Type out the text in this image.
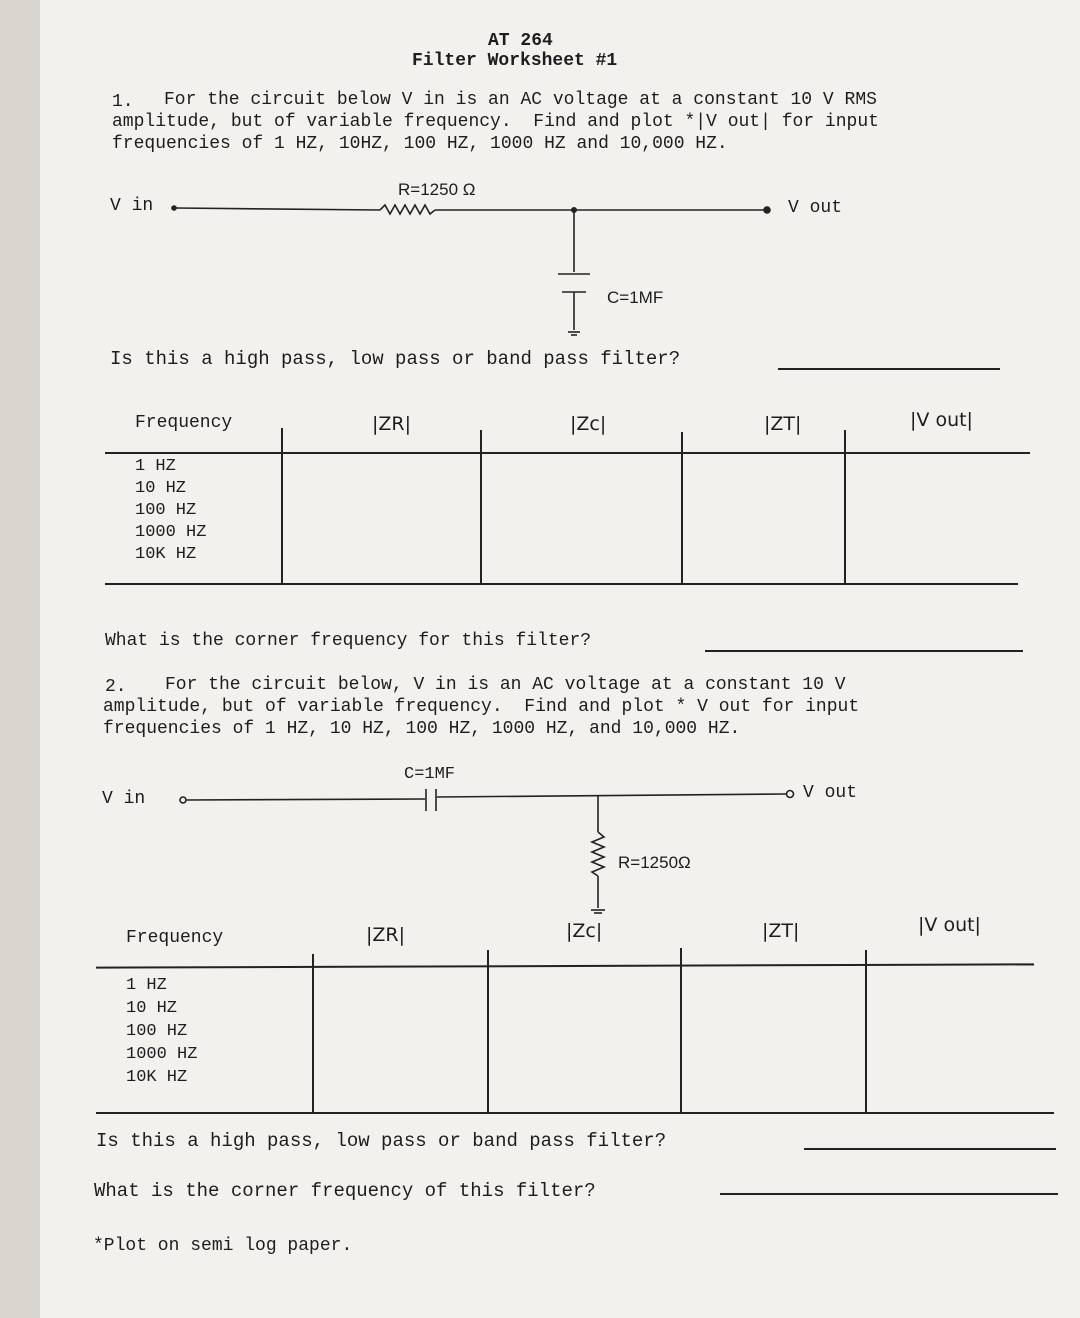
AT 264
Filter Worksheet #1
1. For the circuit below V in is an AC voltage at a constant 10 V RMS
amplitude, but of variable frequency.  Find and plot *|V out| for input
frequencies of 1 HZ, 10HZ, 100 HZ, 1000 HZ and 10,000 HZ.
V in
R=1250 Ω
V out
C=1MF
Is this a high pass, low pass or band pass filter?
Frequency	|ZR|	|Zc|	|ZT|	|V out|
1 HZ
10 HZ
100 HZ
1000 HZ
10K HZ
What is the corner frequency for this filter?
2. For the circuit below, V in is an AC voltage at a constant 10 V
amplitude, but of variable frequency.  Find and plot * V out for input
frequencies of 1 HZ, 10 HZ, 100 HZ, 1000 HZ, and 10,000 HZ.
V in
C=1MF
V out
R=1250Ω
Frequency	|ZR|	|Zc|	|ZT|	|V out|
1 HZ
10 HZ
100 HZ
1000 HZ
10K HZ
Is this a high pass, low pass or band pass filter?
What is the corner frequency of this filter?
*Plot on semi log paper.
